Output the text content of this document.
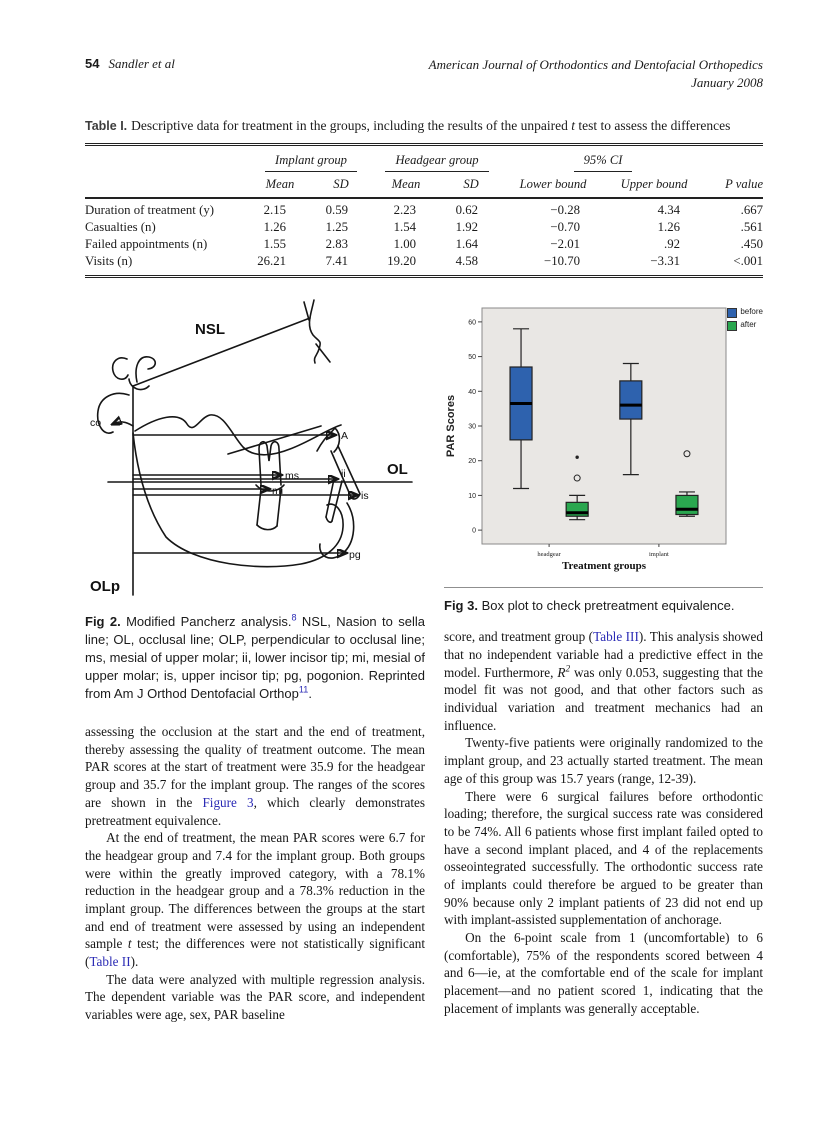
54 Sandler et al	American Journal of Orthodontics and Dentofacial Orthopedics
January 2008
Table I. Descriptive data for treatment in the groups, including the results of the unpaired t test to assess the differences
	Implant group		Headgear group		95% CI		
	Mean	SD	Mean	SD	Lower bound	Upper bound	P value
Duration of treatment (y)	2.15	0.59	2.23	0.62	−0.28	4.34	.667
Casualties (n)	1.26	1.25	1.54	1.92	−0.70	1.26	.561
Failed appointments (n)	1.55	2.83	1.00	1.64	−2.01	.92	.450
Visits (n)	26.21	7.41	19.20	4.58	−10.70	−3.31	<.001
NSL
co
A
OL
OLp
ms	ii
mi	is
pg
Fig 2. Modified Pancherz analysis.$^8$ NSL, Nasion to sella line; OL, occlusal line; OLP, perpendicular to occlusal line; ms, mesial of upper molar; ii, lower incisor tip; mi, mesial of upper molar; is, upper incisor tip; pg, pogonion. Reprinted from Am J Orthod Dentofacial Orthop$^{11}$.

assessing the occlusion at the start and the end of treatment, thereby assessing the quality of treatment outcome. The mean PAR scores at the start of treatment were 35.9 for the headgear group and 35.7 for the implant group. The ranges of the scores are shown in the Figure 3, which clearly demonstrates pretreatment equivalence.

At the end of treatment, the mean PAR scores were 6.7 for the headgear group and 7.4 for the implant group. Both groups were within the greatly improved category, with a 78.1% reduction in the headgear group and a 78.3% reduction in the implant group. The differences between the groups at the start and end of treatment were assessed by using an independent sample t test; the differences were not statistically significant (Table II).

The data were analyzed with multiple regression analysis. The dependent variable was the PAR score, and independent variables were age, sex, PAR baseline

0
10
20
30
40
50
60
headgear	implant
Treatment groups
PAR Scores
before
after
Fig 3. Box plot to check pretreatment equivalence.

score, and treatment group (Table III). This analysis showed that no independent variable had a predictive effect in the model. Furthermore, $R^2$ was only 0.053, suggesting that the model fit was not good, and that other factors such as individual variation and treatment mechanics had an influence.

Twenty-five patients were originally randomized to the implant group, and 23 actually started treatment. The mean age of this group was 15.7 years (range, 12-39).

There were 6 surgical failures before orthodontic loading; therefore, the surgical success rate was considered to be 74%. All 6 patients whose first implant failed opted to have a second implant placed, and 4 of the replacements osseointegrated successfully. The orthodontic success rate of implants could therefore be argued to be greater than 90% because only 2 implant patients of 23 did not end up with implant-assisted supplementation of anchorage.

On the 6-point scale from 1 (uncomfortable) to 6 (comfortable), 75% of the respondents scored between 4 and 6—ie, at the comfortable end of the scale for implant placement—and no patient scored 1, indicating that the placement of implants was generally acceptable.
